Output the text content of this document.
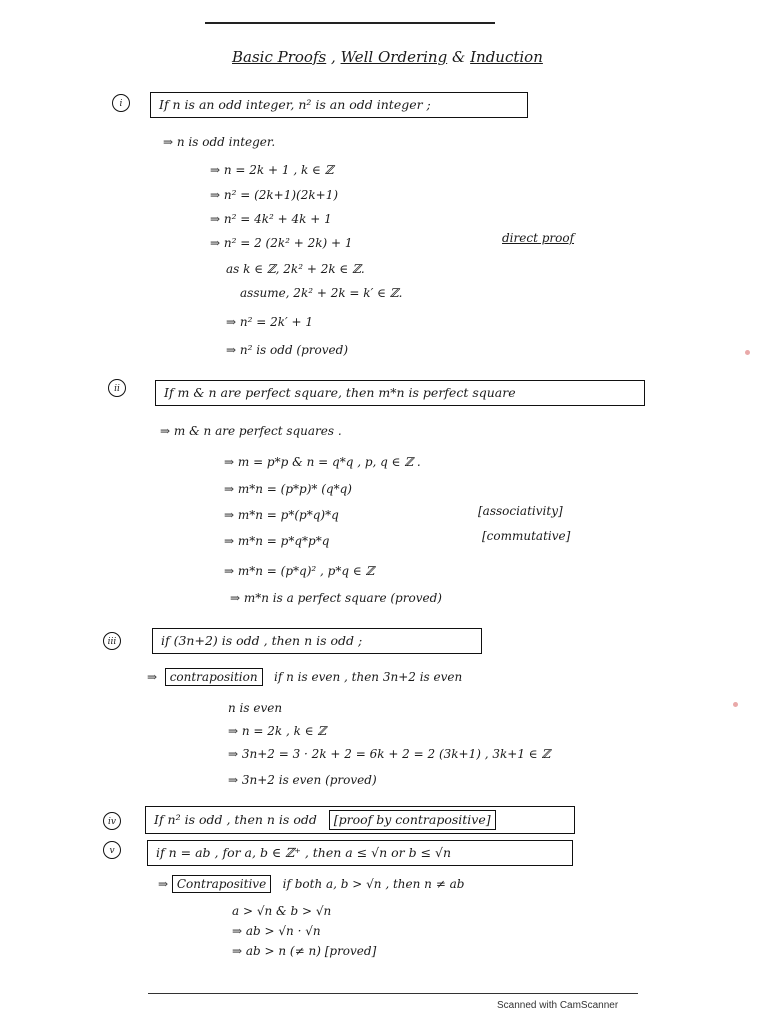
Basic Proofs , Well Ordering & Induction
i	If n is an odd integer, n² is an odd integer ;
⇒ n is odd integer.
⇒ n = 2k + 1 , k ∈ ℤ
⇒ n² = (2k+1)(2k+1)
⇒ n² = 4k² + 4k + 1
⇒ n² = 2 (2k² + 2k) + 1	direct proof
as k ∈ ℤ, 2k² + 2k ∈ ℤ.
assume, 2k² + 2k = k′ ∈ ℤ.
⇒ n² = 2k′ + 1
⇒ n² is odd (proved)
ii	If m & n are perfect square, then m*n is perfect square
⇒ m & n are perfect squares .
⇒ m = p*p & n = q*q , p, q ∈ ℤ .
⇒ m*n = (p*p)* (q*q)
⇒ m*n = p*(p*q)*q	[associativity]
⇒ m*n = p*q*p*q	[commutative]
⇒ m*n = (p*q)² , p*q ∈ ℤ
⇒ m*n is a perfect square (proved)
iii	if (3n+2) is odd , then n is odd ;
⇒  contraposition if n is even , then 3n+2 is even
n is even
⇒ n = 2k , k ∈ ℤ
⇒ 3n+2 = 3 · 2k + 2 = 6k + 2 = 2 (3k+1) , 3k+1 ∈ ℤ
⇒ 3n+2 is even (proved)
iv	If n² is odd , then n is odd [proof by contrapositive]
v	if n = ab , for a, b ∈ ℤ⁺ , then a ≤ √n or b ≤ √n
⇒ Contrapositive if both a, b > √n , then n ≠ ab
a > √n & b > √n
⇒ ab > √n · √n
⇒ ab > n (≠ n) [proved]
Scanned with CamScanner
